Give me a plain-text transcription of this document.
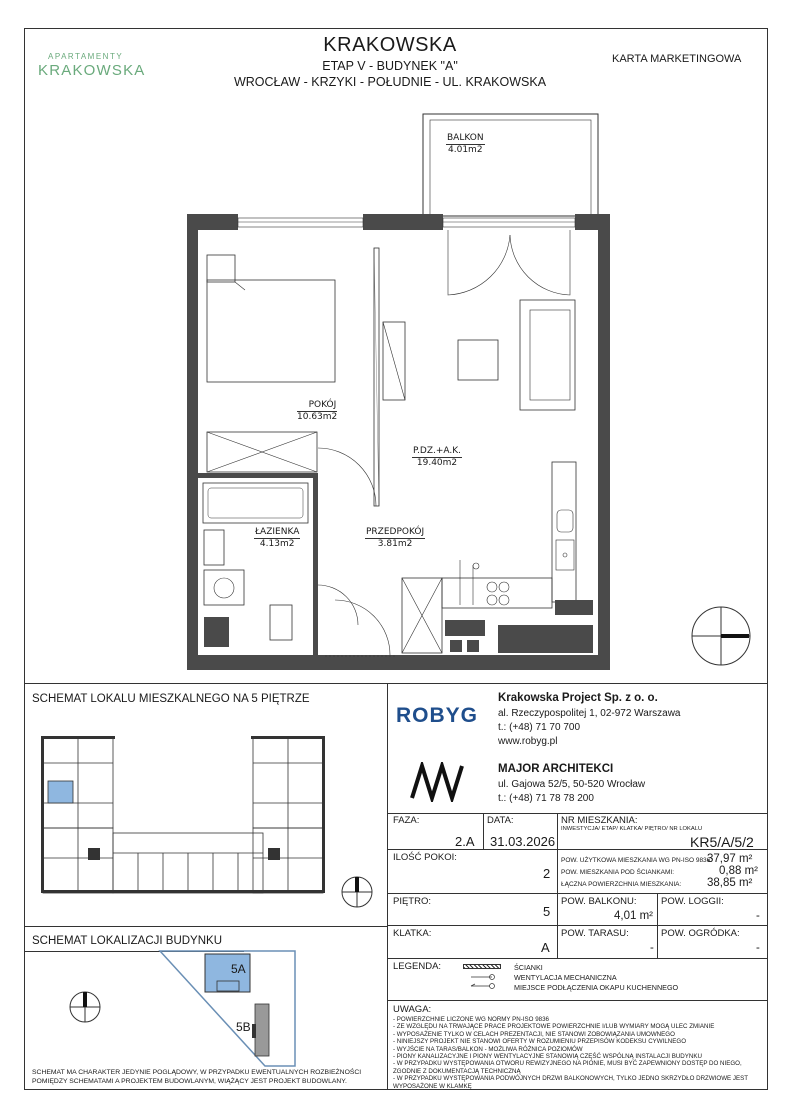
APARTAMENTY
KRAKOWSKA
KRAKOWSKA
ETAP V - BUDYNEK "A"
WROCŁAW - KRZYKI - POŁUDNIE - UL. KRAKOWSKA
KARTA MARKETINGOWA
BALKON
4.01m2
POKÓJ
10.63m2
P.DZ.+A.K.
19.40m2
ŁAZIENKA
4.13m2
PRZEDPOKÓJ
3.81m2
SCHEMAT LOKALU MIESZKALNEGO NA 5 PIĘTRZE
SCHEMAT LOKALIZACJI BUDYNKU
5A
5B
SCHEMAT MA CHARAKTER JEDYNIE POGLĄDOWY, W PRZYPADKU EWENTUALNYCH ROZBIEŻNOŚCI POMIĘDZY SCHEMATAMI A PROJEKTEM BUDOWLANYM, WIĄŻĄCY JEST PROJEKT BUDOWLANY.
ROBYG
Krakowska Project Sp. z o. o.
al. Rzeczypospolitej 1, 02-972 Warszawa
t.: (+48) 71 70 700
www.robyg.pl
MAJOR ARCHITEKCI
ul. Gajowa 52/5, 50-520 Wrocław
t.: (+48) 71 78 78 200
FAZA:
2.A
DATA:
31.03.2026
NR MIESZKANIA:
INWESTYCJA/ ETAP/ KLATKA/ PIĘTRO/ NR LOKALU
KR5/A/5/2
ILOŚĆ POKOI:
2
POW. UŻYTKOWA MIESZKANIA WG PN-ISO 9836:
37,97 m²
POW. MIESZKANIA POD ŚCIANKAMI:	0,88 m²
ŁĄCZNA POWIERZCHNIA MIESZKANIA: 38,85 m²
PIĘTRO:
5
POW. BALKONU:
4,01 m²
POW. LOGGII:
-
KLATKA:
A
POW. TARASU:
-
POW. OGRÓDKA:
-
LEGENDA:	ŚCIANKI
WENTYLACJA MECHANICZNA
MIEJSCE PODŁĄCZENIA OKAPU KUCHENNEGO
UWAGA:
- POWIERZCHNIE LICZONE WG NORMY PN-ISO 9836
- ZE WZGLĘDU NA TRWAJĄCE PRACE PROJEKTOWE POWIERZCHNIE I/LUB WYMIARY MOGĄ ULEC ZMIANIE
- WYPOSAŻENIE TYLKO W CELACH PREZENTACJI, NIE STANOWI ZOBOWIĄZANIA UMOWNEGO
- NINIEJSZY PROJEKT NIE STANOWI OFERTY W ROZUMIENIU PRZEPISÓW KODEKSU CYWILNEGO
- WYJŚCIE NA TARAS/BALKON - MOŻLIWA RÓŻNICA POZIOMÓW
- PIONY KANALIZACYJNE I PIONY WENTYLACYJNE STANOWIĄ CZĘŚĆ WSPÓLNĄ INSTALACJI BUDYNKU
- W PRZYPADKU WYSTĘPOWANIA OTWORU REWIZYJNEGO NA PIONIE, MUSI BYĆ ZAPEWNIONY DOSTĘP DO NIEGO, ZGODNIE Z DOKUMENTACJĄ TECHNICZNĄ
- W PRZYPADKU WYSTĘPOWANIA PODWÓJNYCH DRZWI BALKONOWYCH, TYLKO JEDNO SKRZYDŁO DRZWIOWE JEST WYPOSAŻONE W KLAMKĘ
